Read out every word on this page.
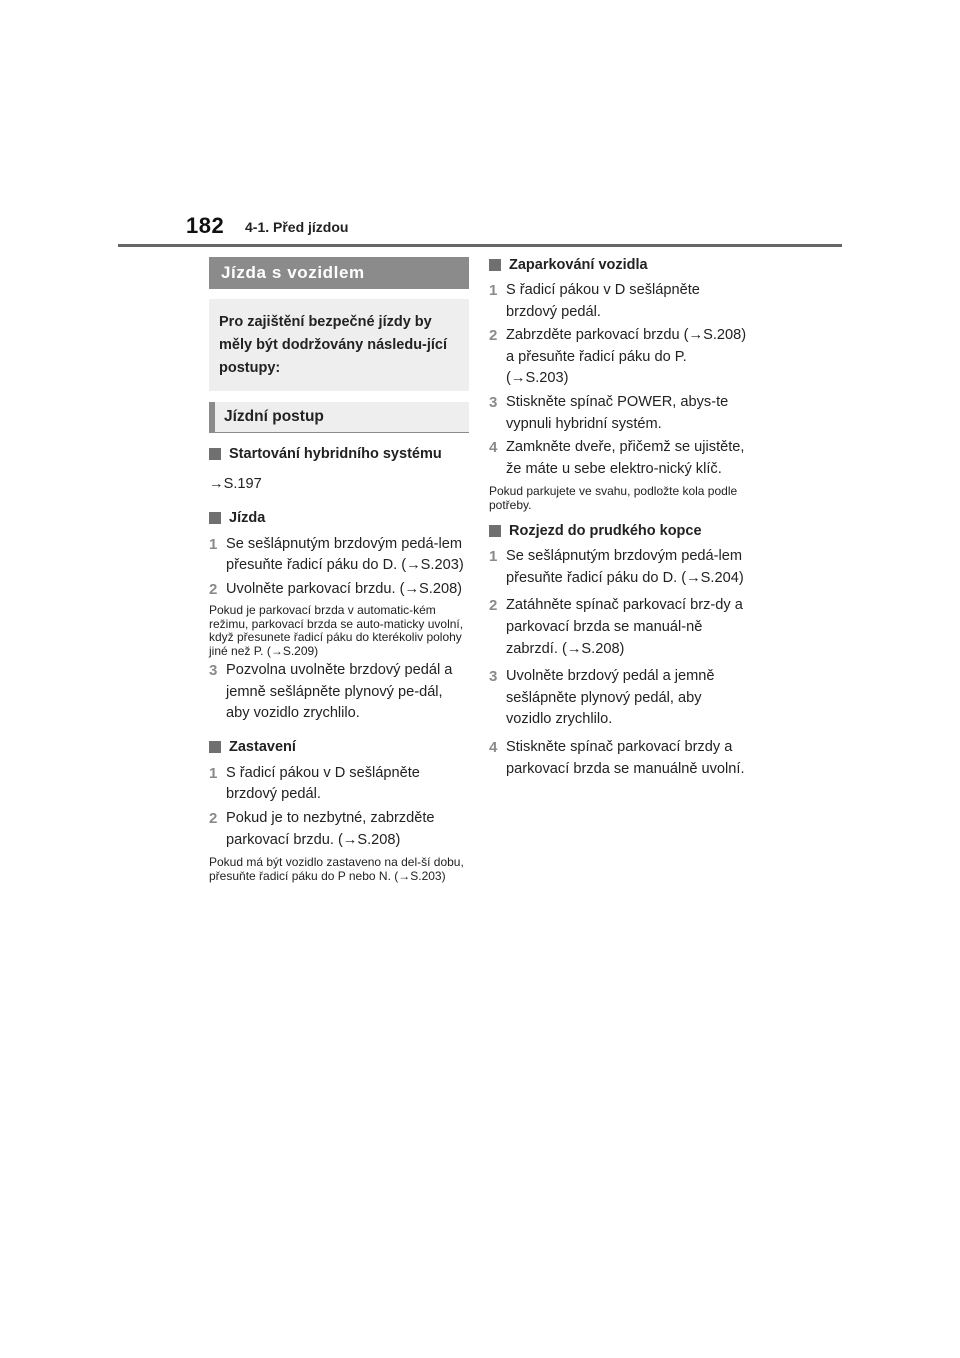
182 4-1. Před jízdou
Jízda s vozidlem
Pro zajištění bezpečné jízdy by měly být dodržovány následu-jící postupy:
Jízdní postup
Startování hybridního systému
→S.197
Jízda
1 Se sešlápnutým brzdovým pedá-lem přesuňte řadicí páku do D. (→S.203)
2 Uvolněte parkovací brzdu. (→S.208)
Pokud je parkovací brzda v automatic-kém režimu, parkovací brzda se auto-maticky uvolní, když přesunete řadicí páku do kterékoliv polohy jiné než P. (→S.209)
3 Pozvolna uvolněte brzdový pedál a jemně sešlápněte plynový pe-dál, aby vozidlo zrychlilo.
Zastavení
1 S řadicí pákou v D sešlápněte brzdový pedál.
2 Pokud je to nezbytné, zabrzděte parkovací brzdu. (→S.208)
Pokud má být vozidlo zastaveno na del-ší dobu, přesuňte řadicí páku do P nebo N. (→S.203)
Zaparkování vozidla
1 S řadicí pákou v D sešlápněte brzdový pedál.
2 Zabrzděte parkovací brzdu (→S.208) a přesuňte řadicí páku do P. (→S.203)
3 Stiskněte spínač POWER, abys-te vypnuli hybridní systém.
4 Zamkněte dveře, přičemž se ujistěte, že máte u sebe elektro-nický klíč.
Pokud parkujete ve svahu, podložte kola podle potřeby.
Rozjezd do prudkého kopce
1 Se sešlápnutým brzdovým pedá-lem přesuňte řadicí páku do D. (→S.204)
2 Zatáhněte spínač parkovací brz-dy a parkovací brzda se manuál-ně zabrzdí. (→S.208)
3 Uvolněte brzdový pedál a jemně sešlápněte plynový pedál, aby vozidlo zrychlilo.
4 Stiskněte spínač parkovací brzdy a parkovací brzda se manuálně uvolní.
